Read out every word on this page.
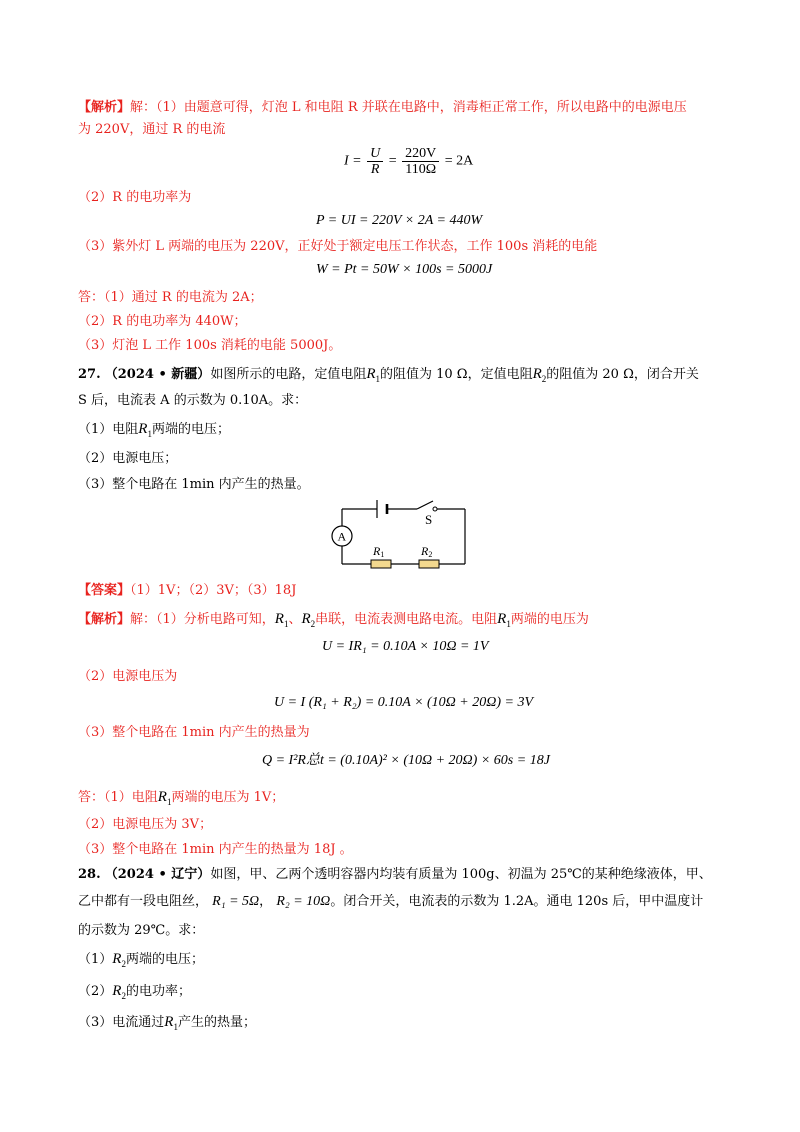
【解析】解：（1）由题意可得，灯泡 L 和电阻 R 并联在电路中，消毒柜正常工作，所以电路中的电源电压
为 220V，通过 R 的电流
$I = \frac{U}{R} = \frac{220V}{110\Omega} = 2A$
（2）R 的电功率为
P = UI = 220V × 2A = 440W
（3）紫外灯 L 两端的电压为 220V，正好处于额定电压工作状态，工作 100s 消耗的电能
W = Pt = 50W × 100s = 5000J
答：（1）通过 R 的电流为 2A；
（2）R 的电功率为 440W；
（3）灯泡 L 工作 100s 消耗的电能 5000J。
27. （2024 • 新疆）如图所示的电路，定值电阻$R_1$的阻值为 10 Ω，定值电阻$R_2$的阻值为 20 Ω，闭合开关
S 后，电流表 A 的示数为 0.10A。求：
（1）电阻$R_1$两端的电压；
（2）电源电压；
（3）整个电路在 1min 内产生的热量。
S
A
R1	R2
【答案】（1）1V；（2）3V；（3）18J
【解析】解：（1）分析电路可知，$R_1$、$R_2$串联，电流表测电路电流。电阻$R_1$两端的电压为
U = IR₁ = 0.10A × 10Ω = 1V
（2）电源电压为
U = I (R₁ + R₂) = 0.10A × (10Ω + 20Ω) = 3V
（3）整个电路在 1min 内产生的热量为
Q = I²R总t = (0.10A)² × (10Ω + 20Ω) × 60s = 18J
答：（1）电阻$R_1$两端的电压为 1V；
（2）电源电压为 3V；
（3）整个电路在 1min 内产生的热量为 18J 。
28. （2024 • 辽宁）如图，甲、乙两个透明容器内均装有质量为 100g、初温为 25℃的某种绝缘液体，甲、
乙中都有一段电阻丝， R₁ = 5Ω， R₂ = 10Ω。闭合开关，电流表的示数为 1.2A。通电 120s 后，甲中温度计
的示数为 29℃。求：
$(1)R_2$两端的电压；
$(2)R_2$的电功率；
（3）电流通过$R_1$产生的热量；
